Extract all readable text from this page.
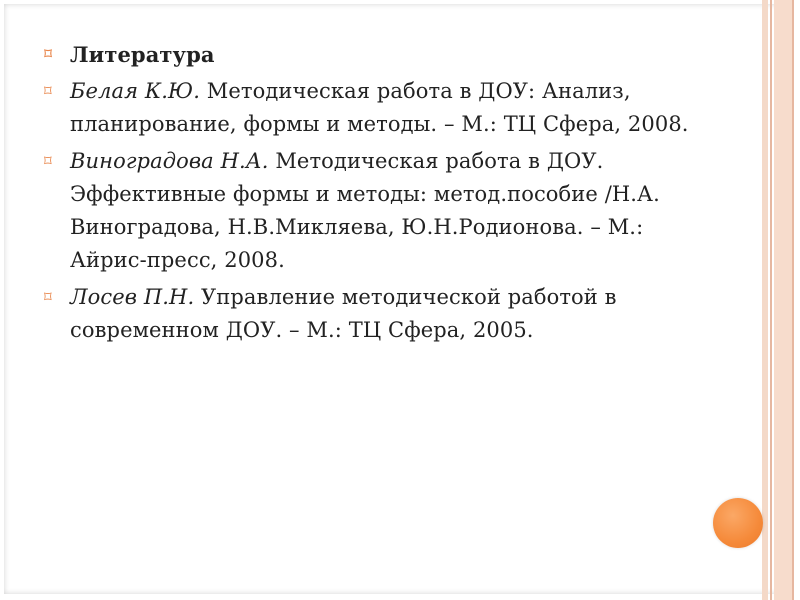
⌑ Литература
⌑ Белая К.Ю. Методическая работа в ДОУ: Анализ, планирование, формы и методы. – М.: ТЦ Сфера, 2008.
⌑ Виноградова Н.А. Методическая работа в ДОУ. Эффективные формы и методы: метод.пособие /Н.А. Виноградова, Н.В.Микляева, Ю.Н.Родионова. – М.: Айрис-пресс, 2008.
⌑ Лосев П.Н. Управление методической работой в современном ДОУ. – М.: ТЦ Сфера, 2005.
